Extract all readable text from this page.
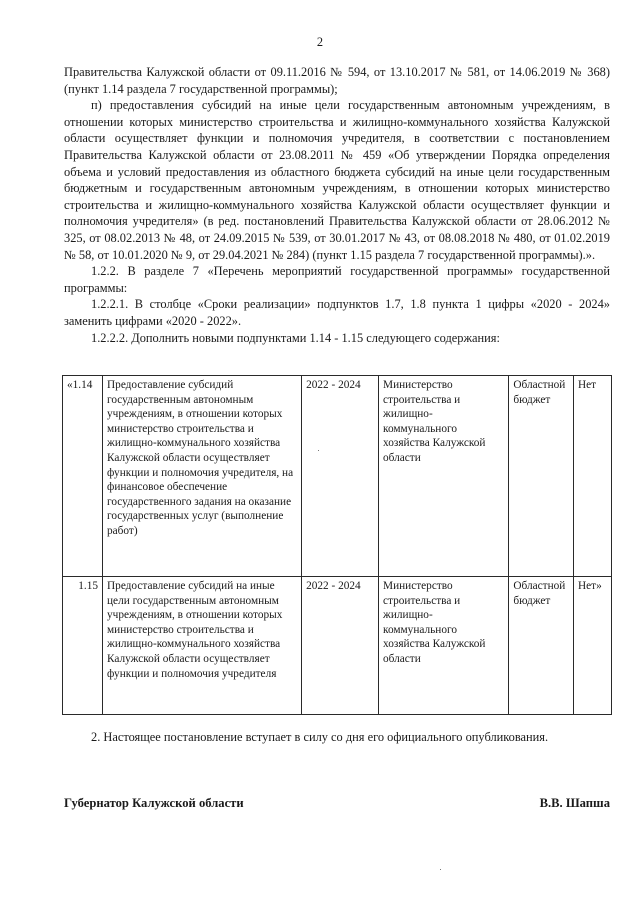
2

Правительства Калужской области от 09.11.2016 № 594, от 13.10.2017 № 581, от 14.06.2019 № 368) (пункт 1.14 раздела 7 государственной программы);

п) предоставления субсидий на иные цели государственным автономным учреждениям, в отношении которых министерство строительства и жилищно-коммунального хозяйства Калужской области осуществляет функции и полномочия учредителя, в соответствии с постановлением Правительства Калужской области от 23.08.2011 № 459 «Об утверждении Порядка определения объема и условий предоставления из областного бюджета субсидий на иные цели государственным бюджетным и государственным автономным учреждениям, в отношении которых министерство строительства и жилищно-коммунального хозяйства Калужской области осуществляет функции и полномочия учредителя» (в ред. постановлений Правительства Калужской области от 28.06.2012 № 325, от 08.02.2013 № 48, от 24.09.2015 № 539, от 30.01.2017 № 43, от 08.08.2018 № 480, от 01.02.2019 № 58, от 10.01.2020 № 9, от 29.04.2021 № 284) (пункт 1.15 раздела 7 государственной программы).».

1.2.2. В разделе 7 «Перечень мероприятий государственной программы» государственной программы:

1.2.2.1. В столбце «Сроки реализации» подпунктов 1.7, 1.8 пункта 1 цифры «2020 - 2024» заменить цифрами «2020 - 2022».

1.2.2.2. Дополнить новыми подпунктами 1.14 - 1.15 следующего содержания:

«1.14	Предоставление субсидий государственным автономным учреждениям, в отношении которых министерство строительства и жилищно-коммунального хозяйства Калужской области осуществляет функции и полномочия учредителя, на финансовое обеспечение государственного задания на оказание государственных услуг (выполнение работ)	2022 - 2024	Министерство строительства и жилищно-коммунального хозяйства Калужской области	Областной бюджет	Нет
1.15	Предоставление субсидий на иные цели государственным автономным учреждениям, в отношении которых министерство строительства и жилищно-коммунального хозяйства Калужской области осуществляет функции и полномочия учредителя	2022 - 2024	Министерство строительства и жилищно-коммунального хозяйства Калужской области	Областной бюджет	Нет»

2. Настоящее постановление вступает в силу со дня его официального опубликования.

Губернатор Калужской области	В.В. Шапша
